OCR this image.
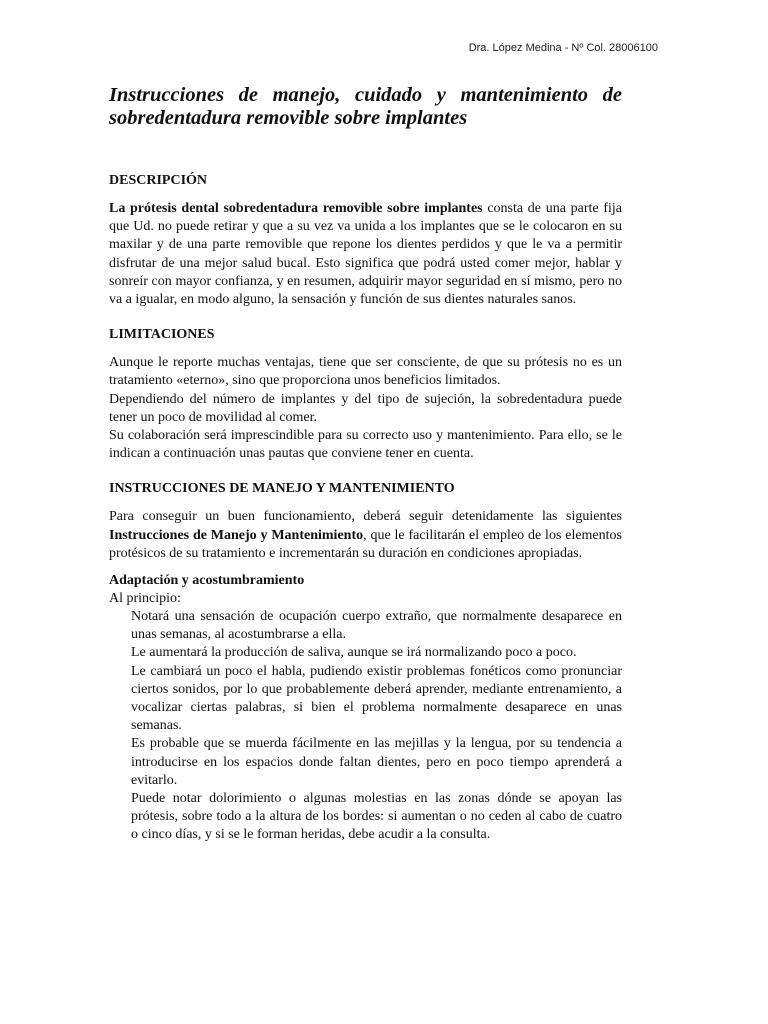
Dra. López Medina - Nº Col. 28006100
Instrucciones de manejo, cuidado y mantenimiento de sobredentadura removible sobre implantes
DESCRIPCIÓN

La prótesis dental sobredentadura removible sobre implantes consta de una parte fija que Ud. no puede retirar y que a su vez va unida a los implantes que se le colocaron en su maxilar y de una parte removible que repone los dientes perdidos y que le va a permitir disfrutar de una mejor salud bucal. Esto significa que podrá usted comer mejor, hablar y sonreír con mayor confianza, y en resumen, adquirir mayor seguridad en sí mismo, pero no va a igualar, en modo alguno, la sensación y función de sus dientes naturales sanos.

LIMITACIONES

Aunque le reporte muchas ventajas, tiene que ser consciente, de que su prótesis no es un tratamiento «eterno», sino que proporciona unos beneficios limitados.

Dependiendo del número de implantes y del tipo de sujeción, la sobredentadura puede tener un poco de movilidad al comer.

Su colaboración será imprescindible para su correcto uso y mantenimiento. Para ello, se le indican a continuación unas pautas que conviene tener en cuenta.

INSTRUCCIONES DE MANEJO Y MANTENIMIENTO

Para conseguir un buen funcionamiento, deberá seguir detenidamente las siguientes Instrucciones de Manejo y Mantenimiento, que le facilitarán el empleo de los elementos protésicos de su tratamiento e incrementarán su duración en condiciones apropiadas.

Adaptación y acostumbramiento

Al principio:

Notará una sensación de ocupación cuerpo extraño, que normalmente desaparece en unas semanas, al acostumbrarse a ella.
Le aumentará la producción de saliva, aunque se irá normalizando poco a poco.
Le cambiará un poco el habla, pudiendo existir problemas fonéticos como pronunciar ciertos sonidos, por lo que probablemente deberá aprender, mediante entrenamiento, a vocalizar ciertas palabras, si bien el problema normalmente desaparece en unas semanas.
Es probable que se muerda fácilmente en las mejillas y la lengua, por su tendencia a introducirse en los espacios donde faltan dientes, pero en poco tiempo aprenderá a evitarlo.
Puede notar dolorimiento o algunas molestias en las zonas dónde se apoyan las prótesis, sobre todo a la altura de los bordes: si aumentan o no ceden al cabo de cuatro o cinco días, y si se le forman heridas, debe acudir a la consulta.
